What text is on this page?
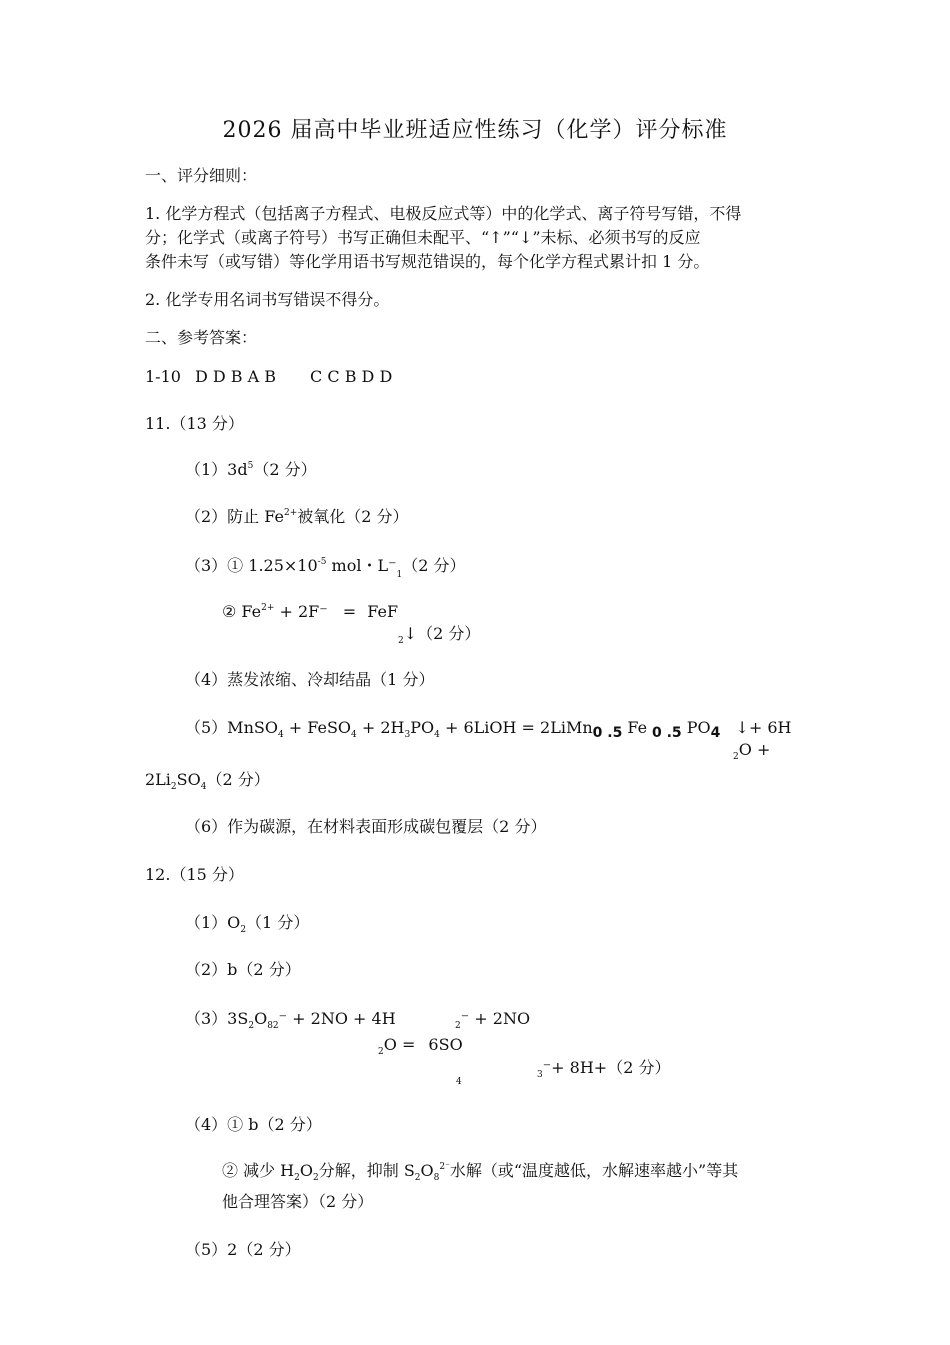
2026 届高中毕业班适应性练习（化学）评分标准
一、评分细则：
1. 化学方程式（包括离子方程式、电极反应式等）中的化学式、离子符号写错，不得
分；化学式（或离子符号）书写正确但未配平、“↑”“↓”未标、必须书写的反应
条件未写（或写错）等化学用语书写规范错误的，每个化学方程式累计扣 1 分。
2. 化学专用名词书写错误不得分。
二、参考答案：
1-10 D D B A B C C B D D
11.（13 分）
$(1)3d^5(2$ 分）
（2）防止 $Fe^{2+}$被氧化（2 分）
（3）① $1.25\times 10^{-5}$ mol・$L^-_1(2$ 分）
② $Fe^{2+} + 2F^-$ = FeF
$_2$↓（2 分）
（4）蒸发浓缩、冷却结晶（1 分）
（5）MnSO$_4$ + FeSO$_4$ + $2H_3PO_4$ + 6LiOH = 2LiMn0 .5 Fe 0 .5 PO4 ↓+ 6H
$_2$O +
$2Li_2SO_4(2$ 分）
（6）作为碳源，在材料表面形成碳包覆层（2 分）
12.（15 分）
$(1)O_2(1$ 分）
（2）b（2 分）
$(3)3S_2O_{82}^- + 2NO + 4H$	$_2$⁻ + 2NO
$_2$O = 6SO
4
$_3$⁻+ 8H+（2 分）
（4）① b（2 分）
② 减少 $H_2O_2$分解，抑制 $S_2O_8^{2^-}$水解（或“温度越低，水解速率越小”等其
他合理答案）（2 分）
（5）2（2 分）
